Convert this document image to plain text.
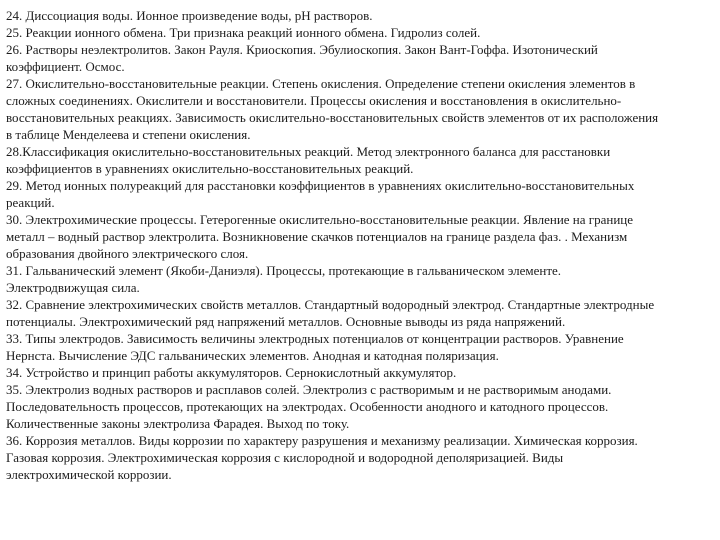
24. Диссоциация воды. Ионное произведение воды, рН растворов.
25. Реакции ионного обмена. Три признака реакций ионного обмена. Гидролиз солей.
26. Растворы неэлектролитов. Закон Рауля. Криоскопия. Эбулиоскопия. Закон Вант-Гоффа. Изотонический
коэффициент. Осмос.
27. Окислительно-восстановительные реакции. Степень окисления. Определение степени окисления элементов в
сложных соединениях. Окислители и восстановители. Процессы окисления и восстановления в окислительно-
восстановительных реакциях. Зависимость окислительно-восстановительных свойств элементов от их расположения
в таблице Менделеева и степени окисления.
28.Классификация окислительно-восстановительных реакций. Метод электронного баланса для расстановки
коэффициентов в уравнениях окислительно-восстановительных реакций.
29. Метод ионных полуреакций для расстановки коэффициентов в уравнениях окислительно-восстановительных
реакций.
30. Электрохимические процессы. Гетерогенные окислительно-восстановительные реакции. Явление на границе
металл – водный раствор электролита. Возникновение скачков потенциалов на границе раздела фаз. . Механизм
образования двойного электрического слоя.
31. Гальванический элемент (Якоби-Даниэля). Процессы, протекающие в гальваническом элементе.
Электродвижущая сила.
32. Сравнение электрохимических свойств металлов. Стандартный водородный электрод. Стандартные электродные
потенциалы. Электрохимический ряд напряжений металлов. Основные выводы из ряда напряжений.
33. Типы электродов. Зависимость величины электродных потенциалов от концентрации растворов. Уравнение
Нернста. Вычисление ЭДС гальванических элементов. Анодная и катодная поляризация.
34. Устройство и принцип работы аккумуляторов. Сернокислотный аккумулятор.
35. Электролиз водных растворов и расплавов солей. Электролиз с растворимым и не растворимым анодами.
Последовательность процессов, протекающих на электродах. Особенности анодного и катодного процессов.
Количественные законы электролиза Фарадея. Выход по току.
36. Коррозия металлов. Виды коррозии по характеру разрушения и механизму реализации. Химическая коррозия.
Газовая коррозия. Электрохимическая коррозия с кислородной и водородной деполяризацией. Виды
электрохимической коррозии.
